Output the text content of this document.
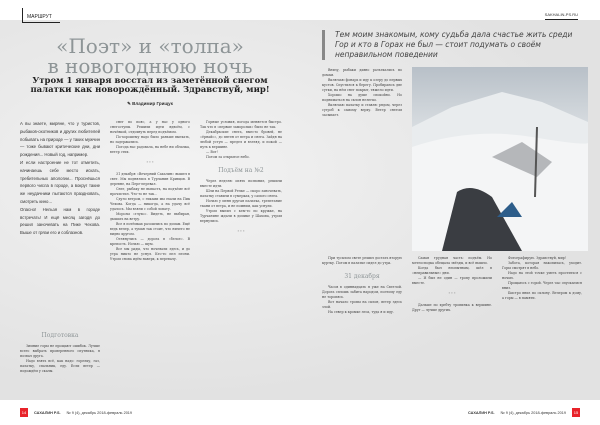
МАРШРУТ	SAKHALIN-PS.RU
«Поэт» и «толпа»
в новогоднюю ночь
Утром 1 января восстал из заметённой снегом палатки как новорождённый. Здравствуй, мир!
✎ Владимир Грищук

А вы знаете, миряне, что у туристов, рыбаков-охотников и других любителей побывать на природе — у таких мужчин — тоже бывают критические дни, дни рождения... Новый год, например.

И если настроение не тот отметить, начинаешь себе место искать, требительных апологии... Проснёшься первого числа в городе, а вокруг такие же неудачники пытаются праздновать, смотреть кино...

Опасно! Нельзя нам в городе встречать! И ещё месяц загодя до решил заночевать на Пике Чехова. Выше от грязи его и соблазнов.

Подготовка

Зимние горы не прощают ошибок. Лучше всего выбрать проверенного спутника, я позвал друга.

Надо взять всё, как надо: горелку, газ, палатку, спальник, еду. Если ветер — подождём у скалы.

снег по пояс, а у нас у одного снегоступы. Решили идти вдвоём, с ночёвкой, отдохнуть перед подъёмом.

По-хорошему надо было раньше выехать, но задержались.

Погода нас радовала, на небе ни облачка, ветер стих.

* * *

31 декабря «Вечерний Сахалин» вышел в свет. Мы поднялись в Турчанин Кривцов. В деревне, на Пере-перевал.

Снег, рыбаку не выпасть, на подъёме всё прочистил. Что-то не так...

Сдуло ветром, с гиками мы ехали на Пик Чехова. Когда — никогда, а на удачу всё удалось. Мы взяли с собой лопату.

Морозы «глухо». Видеть, не выбирая, дышать на ветру.

Все в потёмках разошлись по домам. Ещё ведь вечер, а туман так стоит, что ничего не видно кругом.

Оглянулись — дорога в «белое». В крепость. Ночью — шум.

Все мы рады, что ночевали здесь, и до утра никто не уснул. Кто-то пел песни. Утром снова идём наверх, к перевалу.

Горные условия, погода меняется быстро. Так что в «первые заморозки» было не так.

Декабрьские снега, вместо бровей, не «ёрнайс», до пятен от ветра и снега. Зайдя на любой уступ — предел и взгляд, и покой — путь к вершине.

— Вот!

Потом за открытое небо.

Подъём на №2

Через неделю опять позвонил, решили вместе идти.

Шли на Первой Речке — скоро заночевать, палатку ставили в сумерках, у самого снега.

Ночью у меня другая палатка, трепетание ткани от ветра, и не помним, как уснули.

Утром выпил с кем-то по кружке, на Турчанине ждали в домике у Шахова, утром вернулись.

* * *

Тем моим знакомым, кому судьба дала счастье жить среди Гор и кто в Горах не был — стоит подумать о своём неправильном поведении

Внизу, рыбаки давно разъехались по домам.

Включаю фонарь и иду к озеру до первых кустов. Спустился к берегу. Пробираюсь две сутки, на нём снег покрыт, тяжело идти.

Хорошо на душе спокойно. Но подниматься на склон нелегко.

Включаю палатку и ставлю рядом, через сугроб к самому верху. Ветер снегом засыпает.

При тусклом свете решил достать вторую куртку. Потом в палатке сидел до утра.

31 декабря

Часов в одиннадцать я уже на Светлой. Дорога сплошь забита народом, поэтому еду не торопясь.

Вот начало тропы на склон, ветер здесь злой.

На север к кромке леса, туда я и иду.

Самая трудная часть: подъём. Но метеосводка обещала звёзды, и всё вышло.

Когда был неопытным, шёл в «неправильные» дни.

— И был не один — тропу проложили вместе.

* * *

Дальше по хребту тропинка к вершине. Друг — лучше других.

Фотографирую. Здравствуй, мир!

Забота, которая накопилась, уходит. Горы смотрят в небо.

Надо на этой точке уметь проститься с ночью.

Прощаюсь с горой. Через час спускаемся вниз.

Быстро вниз по склону. Вечером к дому, а горы — в памяти.

14	САХАЛИН P.S. № 9 (4), декабрь 2018-февраль 2019	САХАЛИН P.S. № 9 (4), декабрь 2018-февраль 2019	15
